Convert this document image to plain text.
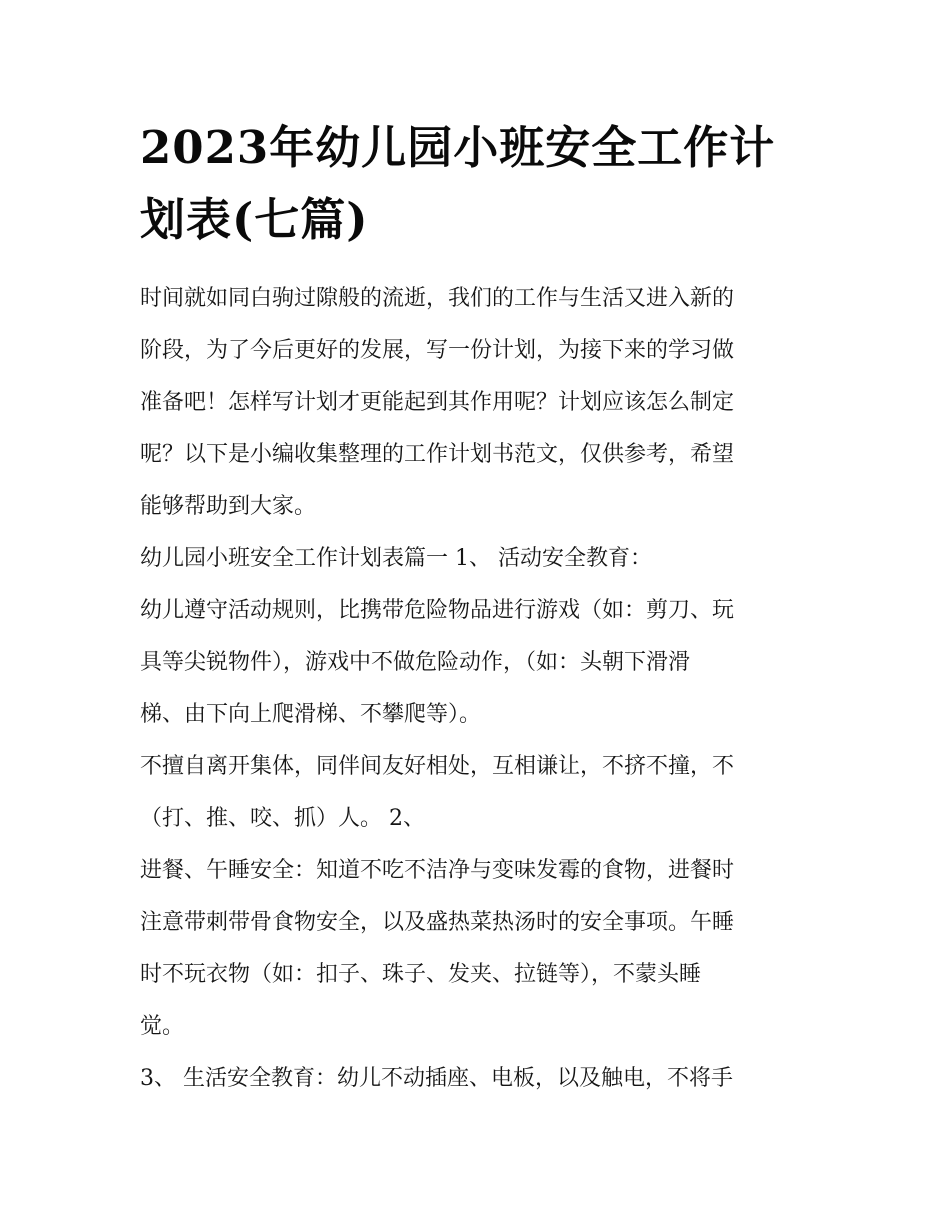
2023年幼儿园小班安全工作计
划表(七篇)
时间就如同白驹过隙般的流逝，我们的工作与生活又进入新的
阶段，为了今后更好的发展，写一份计划，为接下来的学习做
准备吧！怎样写计划才更能起到其作用呢？计划应该怎么制定
呢？以下是小编收集整理的工作计划书范文，仅供参考，希望
能够帮助到大家。
幼儿园小班安全工作计划表篇一 1、 活动安全教育：
幼儿遵守活动规则，比携带危险物品进行游戏（如：剪刀、玩
具等尖锐物件），游戏中不做危险动作，（如：头朝下滑滑
梯、由下向上爬滑梯、不攀爬等）。
不擅自离开集体，同伴间友好相处，互相谦让，不挤不撞，不
（打、推、咬、抓）人。 2、
进餐、午睡安全：知道不吃不洁净与变味发霉的食物，进餐时
注意带刺带骨食物安全，以及盛热菜热汤时的安全事项。午睡
时不玩衣物（如：扣子、珠子、发夹、拉链等），不蒙头睡
觉。
3、 生活安全教育：幼儿不动插座、电板，以及触电，不将手
